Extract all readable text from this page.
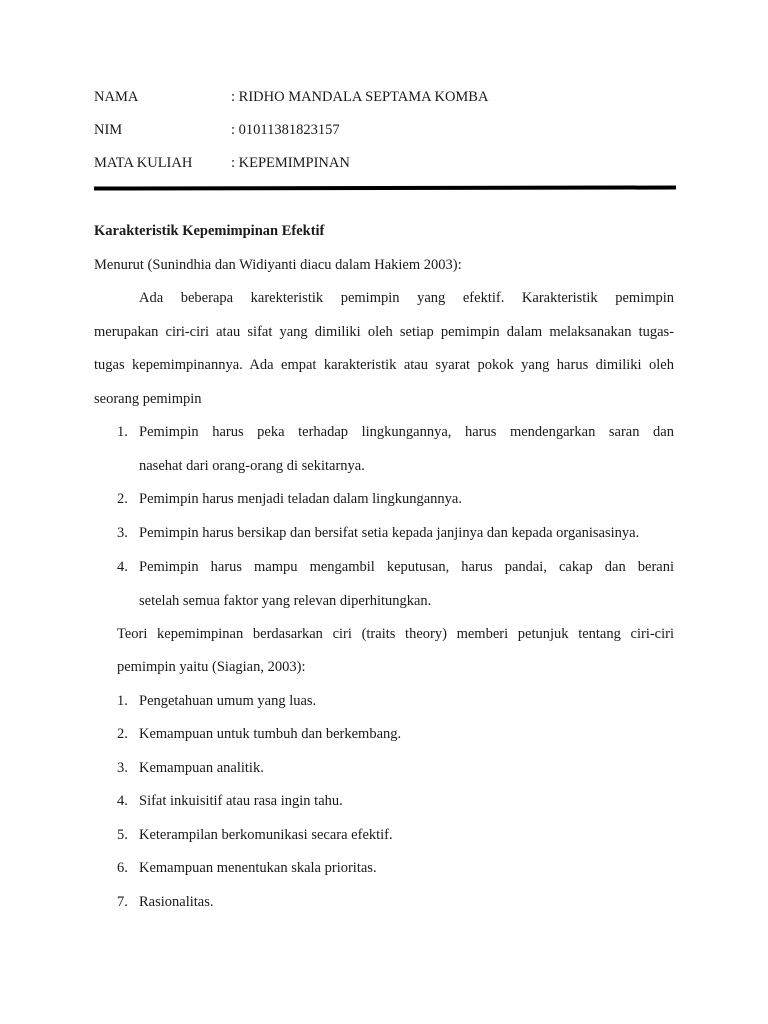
NAMA	: RIDHO MANDALA SEPTAMA KOMBA
NIM	: 01011381823157
MATA KULIAH	: KEPEMIMPINAN
Karakteristik Kepemimpinan Efektif
Menurut (Sunindhia dan Widiyanti diacu dalam Hakiem 2003):
Ada beberapa karekteristik pemimpin yang efektif. Karakteristik pemimpin
merupakan ciri-ciri atau sifat yang dimiliki oleh setiap pemimpin dalam melaksanakan tugas-
tugas kepemimpinannya. Ada empat karakteristik atau syarat pokok yang harus dimiliki oleh
seorang pemimpin
1. Pemimpin harus peka terhadap lingkungannya, harus mendengarkan saran dan
nasehat dari orang-orang di sekitarnya.
2. Pemimpin harus menjadi teladan dalam lingkungannya.
3. Pemimpin harus bersikap dan bersifat setia kepada janjinya dan kepada organisasinya.
4. Pemimpin harus mampu mengambil keputusan, harus pandai, cakap dan berani
setelah semua faktor yang relevan diperhitungkan.
Teori kepemimpinan berdasarkan ciri (traits theory) memberi petunjuk tentang ciri-ciri
pemimpin yaitu (Siagian, 2003):
1. Pengetahuan umum yang luas.
2. Kemampuan untuk tumbuh dan berkembang.
3. Kemampuan analitik.
4. Sifat inkuisitif atau rasa ingin tahu.
5. Keterampilan berkomunikasi secara efektif.
6. Kemampuan menentukan skala prioritas.
7. Rasionalitas.
